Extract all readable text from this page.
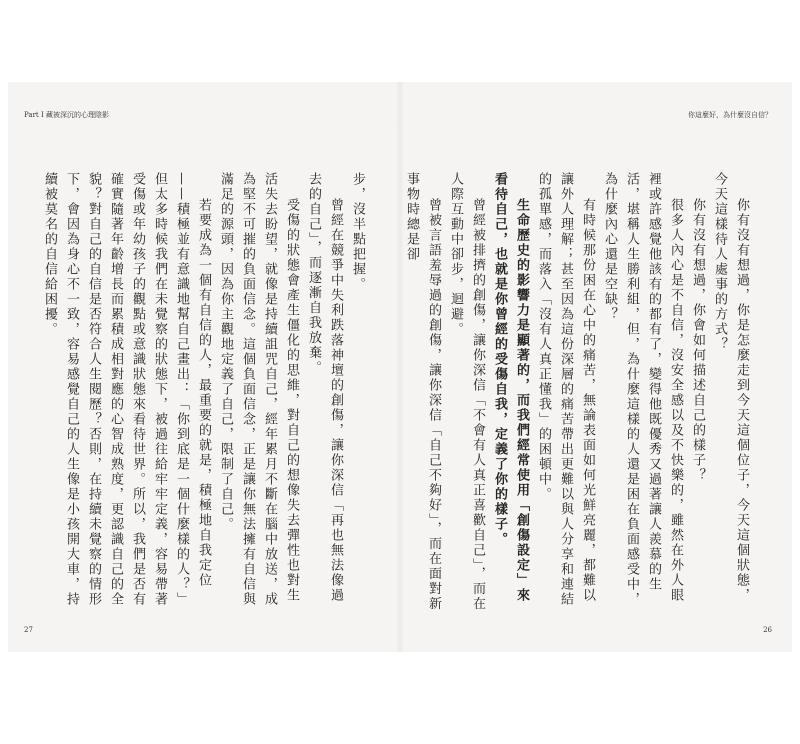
Part I 藏被深沉的心理陰影

步，沒半點把握。

曾經在競爭中失利跌落神壇的創傷，讓你深信「再也無法像過去的自己」，而逐漸自我放棄。

受傷的狀態會產生僵化的思維，對自己的想像失去彈性也對生活失去盼望，就像是持續詛咒自己，經年累月不斷在腦中放送，成為堅不可摧的負面信念。這個負面信念，正是讓你無法擁有自信與滿足的源頭，因為你主觀地定義了自己，限制了自己。

若要成為一個有自信的人，最重要的就是，積極地自我定位——積極並有意識地幫自己畫出：「你到底是一個什麼樣的人？」但太多時候我們在未覺察的狀態下，被過往給牢牢定義，容易帶著受傷或年幼孩子的觀點或意識狀態來看待世界。所以，我們是否有確實隨著年齡增長而累積成相對應的心智成熟度，更認識自己的全貌？對自己的自信是否符合人生閱歷？否則，在持續未覺察的情形下，會因為身心不一致，容易感覺自己的人生像是小孩開大車，持續被莫名的自信給困擾。

27
你這麼好，為什麼沒自信？

你有沒有想過，你是怎麼走到今天這個位子，今天這個狀態，今天這樣待人處事的方式？

你有沒有想過，你會如何描述自己的樣子？

很多人內心是不自信，沒安全感以及不快樂的，雖然在外人眼裡或許感覺他該有的都有了，變得他既優秀又過著讓人羨慕的生活，堪稱人生勝利組，但，為什麼這樣的人還是困在負面感受中，為什麼內心還是空缺？

有時候那份困在心中的痛苦，無論表面如何光鮮亮麗，都難以讓外人理解；甚至因為這份深層的痛苦帶出更難以與人分享和連結的孤單感，而落入「沒有人真正懂我」的困頓中。

生命歷史的影響力是顯著的，而我們經常使用「創傷設定」來看待自己，也就是你曾經的受傷自我，定義了你的樣子。

曾經被排擠的創傷，讓你深信「不會有人真正喜歡自己」，而在人際互動中卻步，迴避。

曾被言語羞辱過的創傷，讓你深信「自己不夠好」，而在面對新事物時總是卻

26
